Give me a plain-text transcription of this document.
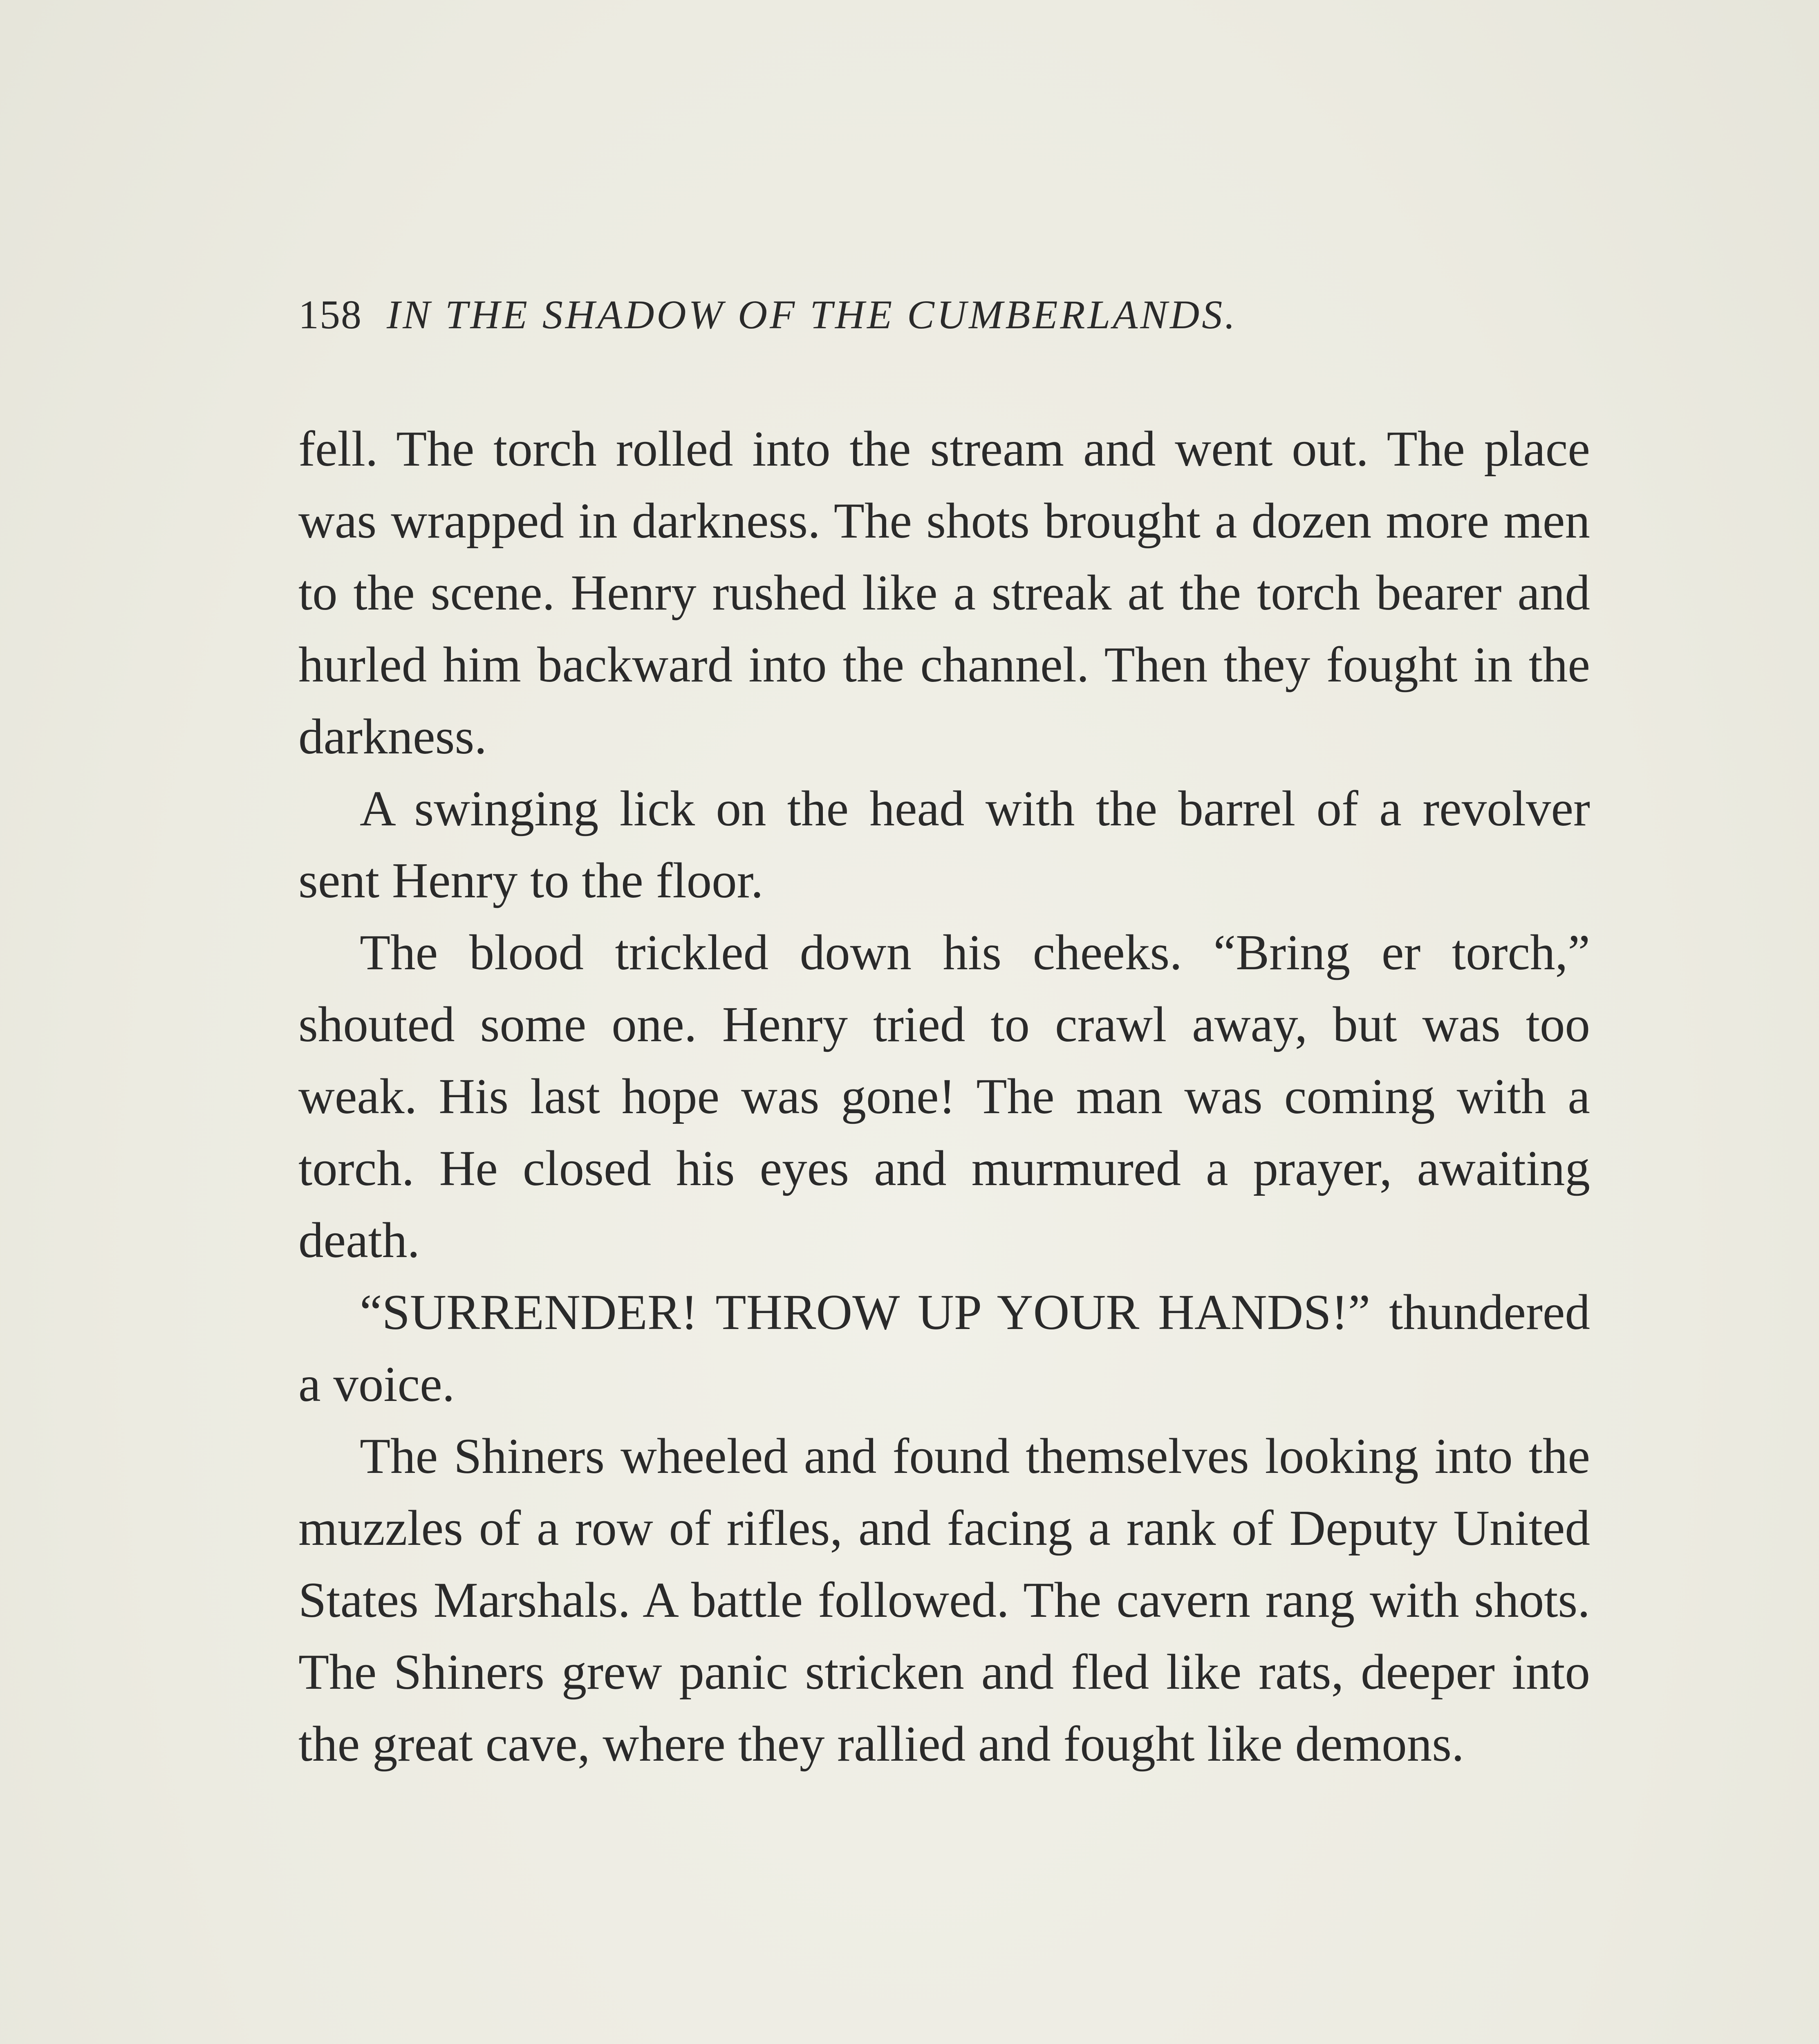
158 IN THE SHADOW OF THE CUMBERLANDS.

fell. The torch rolled into the stream and went out. The place was wrapped in darkness. The shots brought a dozen more men to the scene. Henry rushed like a streak at the torch bearer and hurled him backward into the channel. Then they fought in the darkness.

A swinging lick on the head with the barrel of a revolver sent Henry to the floor.

The blood trickled down his cheeks. “Bring er torch,” shouted some one. Henry tried to crawl away, but was too weak. His last hope was gone! The man was coming with a torch. He closed his eyes and murmured a prayer, awaiting death.

“SURRENDER! THROW UP YOUR HANDS!” thundered a voice.

The Shiners wheeled and found themselves looking into the muzzles of a row of rifles, and facing a rank of Deputy United States Marshals. A battle followed. The cavern rang with shots. The Shiners grew panic stricken and fled like rats, deeper into the great cave, where they rallied and fought like demons.
